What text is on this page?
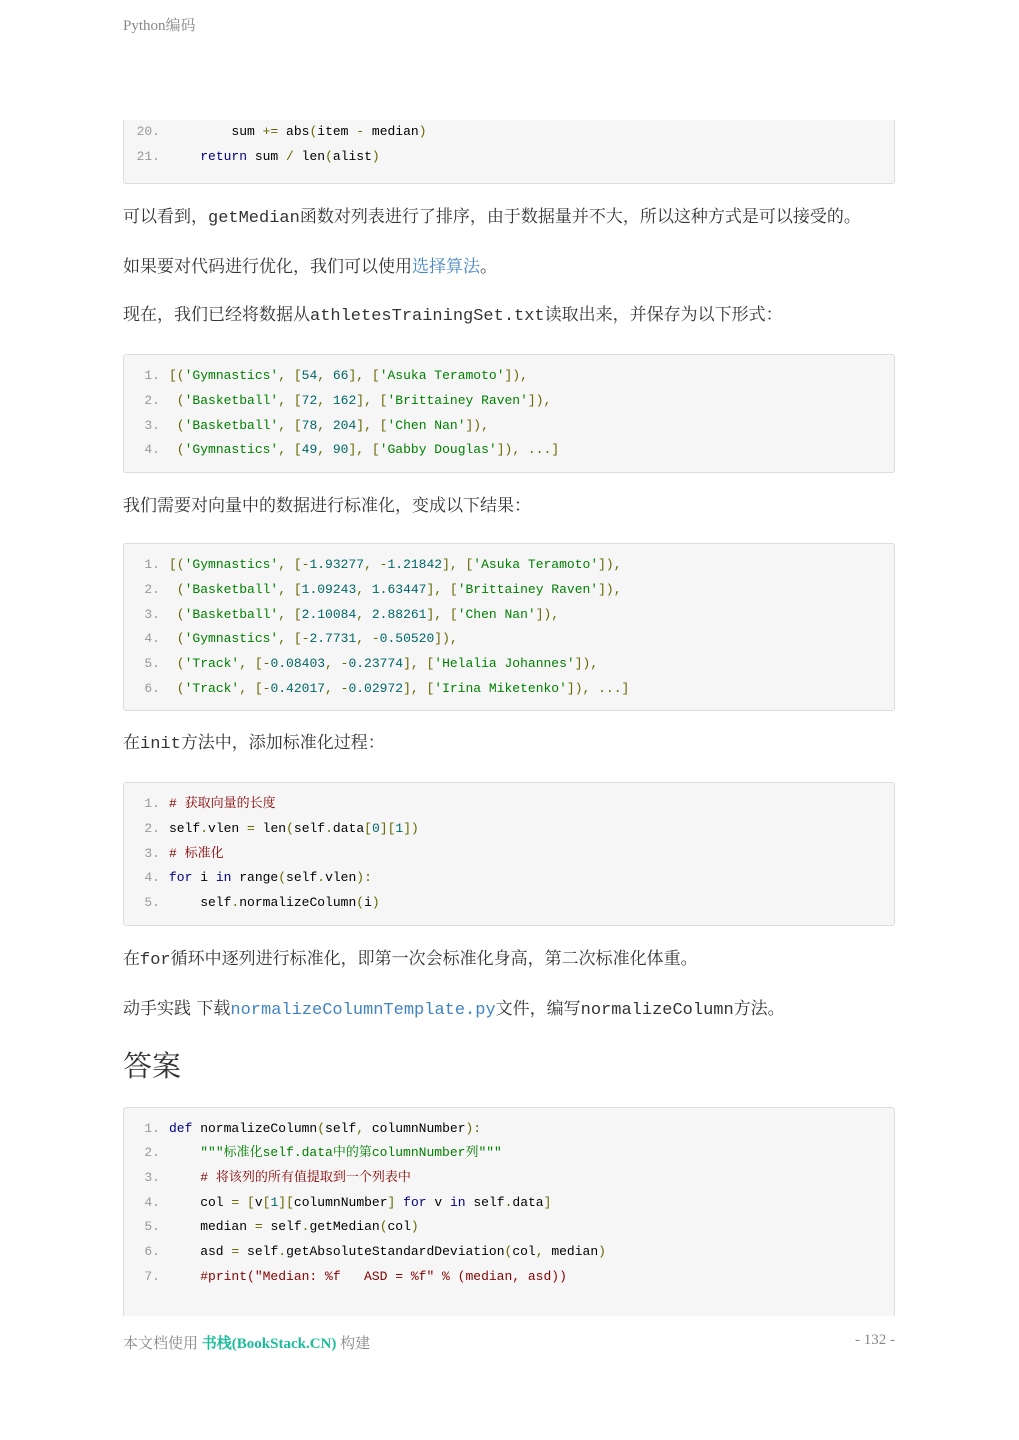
Python编码
20.        sum += abs(item - median)
21.	return sum / len(alist)

可以看到，getMedian函数对列表进行了排序，由于数据量并不大，所以这种方式是可以接受的。

如果要对代码进行优化，我们可以使用选择算法。

现在，我们已经将数据从athletesTrainingSet.txt读取出来，并保存为以下形式：

1. [('Gymnastics', [54, 66], ['Asuka Teramoto']),
2. ('Basketball', [72, 162], ['Brittainey Raven']),
3. ('Basketball', [78, 204], ['Chen Nan']),
4. ('Gymnastics', [49, 90], ['Gabby Douglas']), ...]

我们需要对向量中的数据进行标准化，变成以下结果：

1. [('Gymnastics', [-1.93277, -1.21842], ['Asuka Teramoto']),
2. ('Basketball', [1.09243, 1.63447], ['Brittainey Raven']),
3. ('Basketball', [2.10084, 2.88261], ['Chen Nan']),
4. ('Gymnastics', [-2.7731, -0.50520]),
5. ('Track', [-0.08403, -0.23774], ['Helalia Johannes']),
6. ('Track', [-0.42017, -0.02972], ['Irina Miketenko']), ...]

在init方法中，添加标准化过程：

1. # 获取向量的长度
2. self.vlen = len(self.data[0][1])
3. # 标准化
4. for i in range(self.vlen):
5.    self.normalizeColumn(i)

在for循环中逐列进行标准化，即第一次会标准化身高，第二次标准化体重。

动手实践 下载normalizeColumnTemplate.py文件，编写normalizeColumn方法。

答案
1. def normalizeColumn(self, columnNumber):
2.	"""标准化self.data中的第columnNumber列"""
3.	# 将该列的所有值提取到一个列表中
4.    col = [v[1][columnNumber] for v in self.data]
5.    median = self.getMedian(col)
6.    asd = self.getAbsoluteStandardDeviation(col, median)
7.	#print("Median: %f   ASD = %f" % (median, asd))
本文档使用 书栈(BookStack.CN) 构建	- 132 -
